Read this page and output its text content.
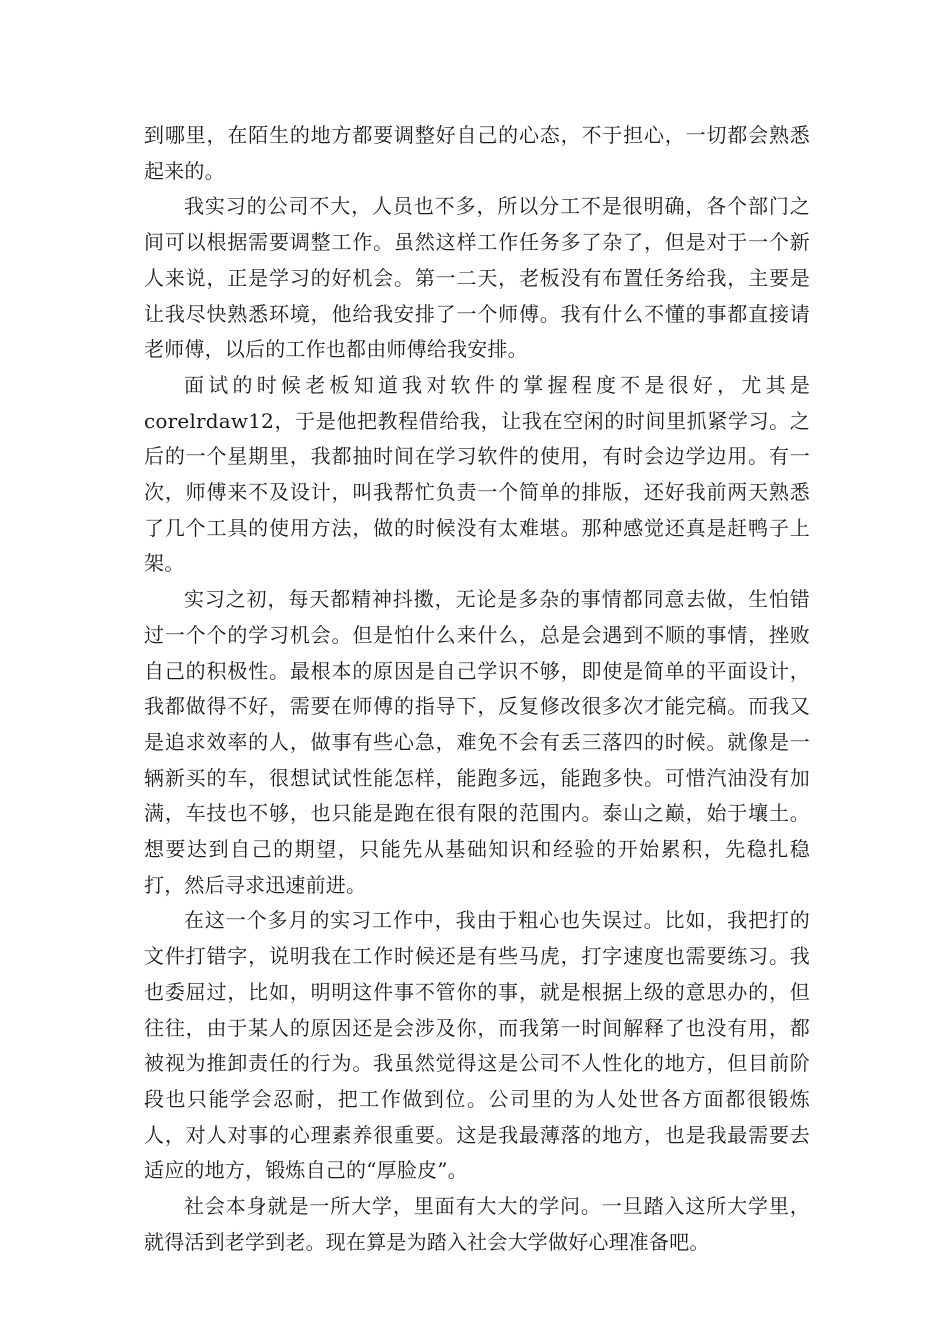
到哪里，在陌生的地方都要调整好自己的心态，不于担心，一切都会熟悉起来的。

我实习的公司不大，人员也不多，所以分工不是很明确，各个部门之间可以根据需要调整工作。虽然这样工作任务多了杂了，但是对于一个新人来说，正是学习的好机会。第一二天，老板没有布置任务给我，主要是让我尽快熟悉环境，他给我安排了一个师傅。我有什么不懂的事都直接请老师傅，以后的工作也都由师傅给我安排。

面试的时候老板知道我对软件的掌握程度不是很好，尤其是corelrdaw12，于是他把教程借给我，让我在空闲的时间里抓紧学习。之后的一个星期里，我都抽时间在学习软件的使用，有时会边学边用。有一次，师傅来不及设计，叫我帮忙负责一个简单的排版，还好我前两天熟悉了几个工具的使用方法，做的时候没有太难堪。那种感觉还真是赶鸭子上架。

实习之初，每天都精神抖擞，无论是多杂的事情都同意去做，生怕错过一个个的学习机会。但是怕什么来什么，总是会遇到不顺的事情，挫败自己的积极性。最根本的原因是自己学识不够，即使是简单的平面设计，我都做得不好，需要在师傅的指导下，反复修改很多次才能完稿。而我又是追求效率的人，做事有些心急，难免不会有丢三落四的时候。就像是一辆新买的车，很想试试性能怎样，能跑多远，能跑多快。可惜汽油没有加满，车技也不够，也只能是跑在很有限的范围内。泰山之巅，始于壤土。想要达到自己的期望，只能先从基础知识和经验的开始累积，先稳扎稳打，然后寻求迅速前进。

在这一个多月的实习工作中，我由于粗心也失误过。比如，我把打的文件打错字，说明我在工作时候还是有些马虎，打字速度也需要练习。我也委屈过，比如，明明这件事不管你的事，就是根据上级的意思办的，但往往，由于某人的原因还是会涉及你，而我第一时间解释了也没有用，都被视为推卸责任的行为。我虽然觉得这是公司不人性化的地方，但目前阶段也只能学会忍耐，把工作做到位。公司里的为人处世各方面都很锻炼人，对人对事的心理素养很重要。这是我最薄落的地方，也是我最需要去适应的地方，锻炼自己的“厚脸皮”。

社会本身就是一所大学，里面有大大的学问。一旦踏入这所大学里，就得活到老学到老。现在算是为踏入社会大学做好心理准备吧。
